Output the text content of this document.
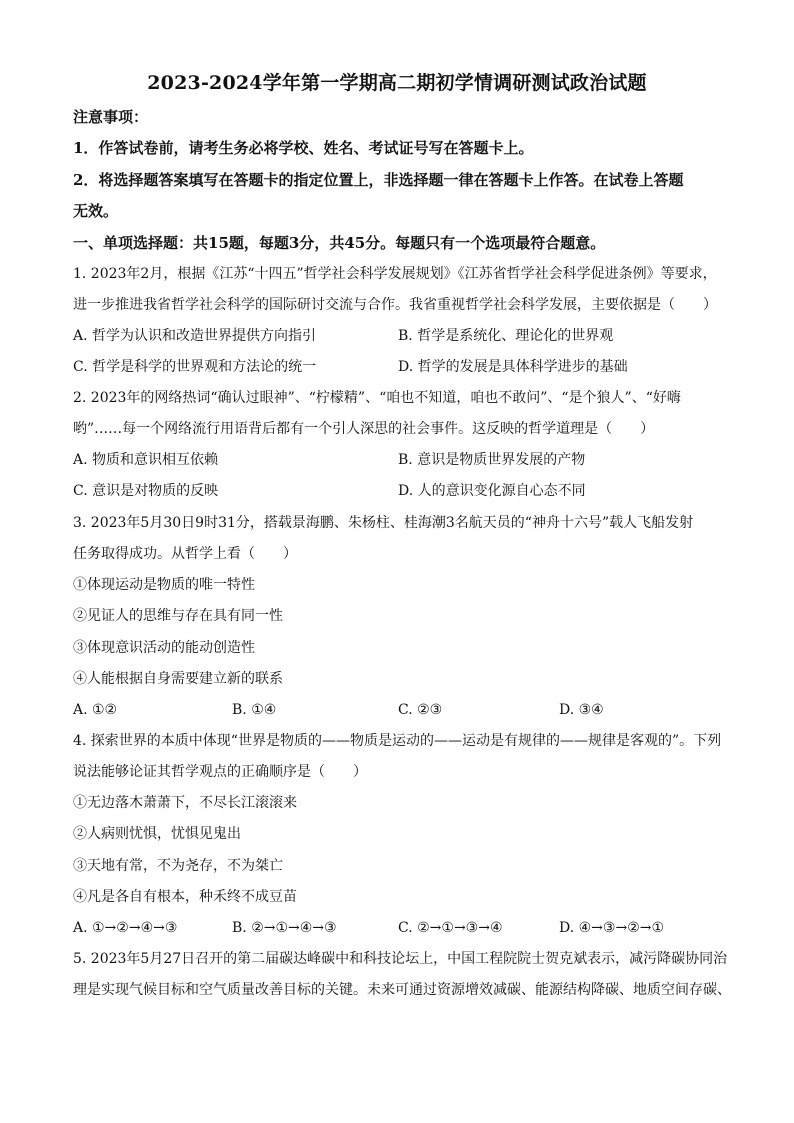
2023-2024学年第一学期高二期初学情调研测试政治试题
注意事项：
1．作答试卷前，请考生务必将学校、姓名、考试证号写在答题卡上。
2．将选择题答案填写在答题卡的指定位置上，非选择题一律在答题卡上作答。在试卷上答题
无效。
一、单项选择题：共15题，每题3分，共45分。每题只有一个选项最符合题意。
1. 2023年2月，根据《江苏“十四五”哲学社会科学发展规划》《江苏省哲学社会科学促进条例》等要求，
进一步推进我省哲学社会科学的国际研讨交流与合作。我省重视哲学社会科学发展，主要依据是（　　）
A. 哲学为认识和改造世界提供方向指引	B. 哲学是系统化、理论化的世界观
C. 哲学是科学的世界观和方法论的统一	D. 哲学的发展是具体科学进步的基础
2. 2023年的网络热词“确认过眼神”、“柠檬精”、“咱也不知道，咱也不敢问”、“是个狼人”、“好嗨
哟”……每一个网络流行用语背后都有一个引人深思的社会事件。这反映的哲学道理是（　　）
A. 物质和意识相互依赖	B. 意识是物质世界发展的产物
C. 意识是对物质的反映	D. 人的意识变化源自心态不同
3. 2023年5月30日9时31分，搭载景海鹏、朱杨柱、桂海潮3名航天员的“神舟十六号”载人飞船发射
任务取得成功。从哲学上看（　　）
①体现运动是物质的唯一特性
②见证人的思维与存在具有同一性
③体现意识活动的能动创造性
④人能根据自身需要建立新的联系
A. ①②	B. ①④	C. ②③	D. ③④
4. 探索世界的本质中体现“世界是物质的——物质是运动的——运动是有规律的——规律是客观的”。下列
说法能够论证其哲学观点的正确顺序是（　　）
①无边落木萧萧下，不尽长江滚滚来
②人病则忧惧，忧惧见鬼出
③天地有常，不为尧存，不为桀亡
④凡是各自有根本，种禾终不成豆苗
A. ①→②→④→③	B. ②→①→④→③	C. ②→①→③→④	D. ④→③→②→①
5. 2023年5月27日召开的第二届碳达峰碳中和科技论坛上，中国工程院院士贺克斌表示，减污降碳协同治
理是实现气候目标和空气质量改善目标的关键。未来可通过资源增效减碳、能源结构降碳、地质空间存碳、
